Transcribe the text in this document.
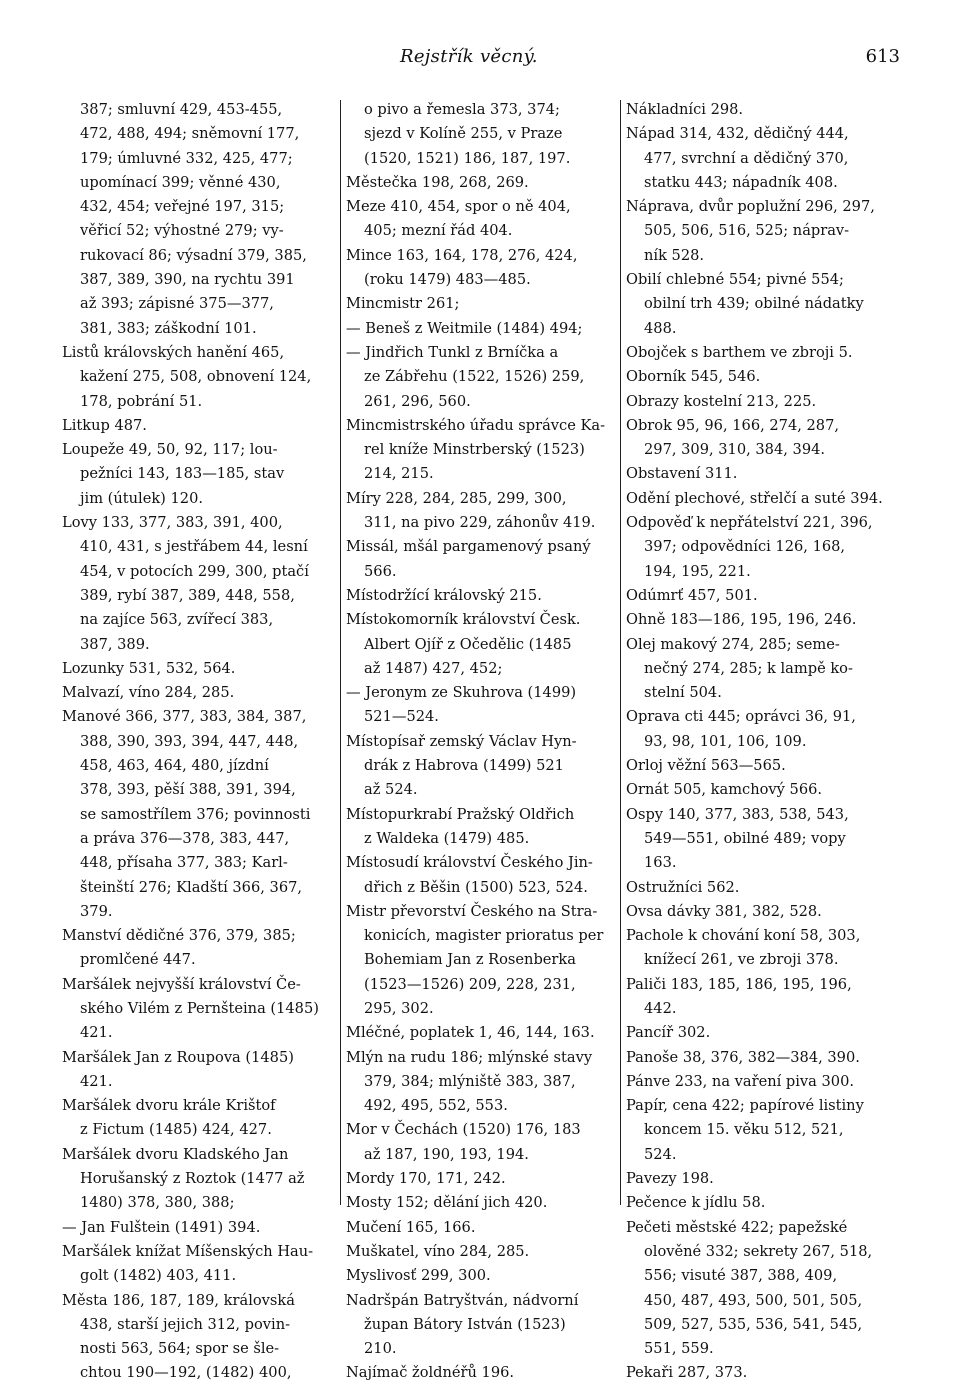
Rejstřík věcný.	613
387; smluvní 429, 453-455,
472, 488, 494; sněmovní 177,
179; úmluvné 332, 425, 477;
upomínací 399; věnné 430,
432, 454; veřejné 197, 315;
věřicí 52; výhostné 279; vy-
rukovací 86; výsadní 379, 385,
387, 389, 390, na rychtu 391
až 393; zápisné 375—377,
381, 383; záškodní 101.
Listů královských hanění 465,
kažení 275, 508, obnovení 124,
178, pobrání 51.
Litkup 487.
Loupeže 49, 50, 92, 117; lou-
pežníci 143, 183—185, stav
jim (útulek) 120.
Lovy 133, 377, 383, 391, 400,
410, 431, s jestřábem 44, lesní
454, v potocích 299, 300, ptačí
389, rybí 387, 389, 448, 558,
na zajíce 563, zvířecí 383,
387, 389.
Lozunky 531, 532, 564.
Malvazí, víno 284, 285.
Manové 366, 377, 383, 384, 387,
388, 390, 393, 394, 447, 448,
458, 463, 464, 480, jízdní
378, 393, pěší 388, 391, 394,
se samostřílem 376; povinnosti
a práva 376—378, 383, 447,
448, přísaha 377, 383; Karl-
šteinští 276; Kladští 366, 367,
379.
Manství dědičné 376, 379, 385;
promlčené 447.
Maršálek nejvyšší království Če-
ského Vilém z Pernšteina (1485)
421.
Maršálek Jan z Roupova (1485)
421.
Maršálek dvoru krále Krištof
z Fictum (1485) 424, 427.
Maršálek dvoru Kladského Jan
Horušanský z Roztok (1477 až
1480) 378, 380, 388;
— Jan Fulštein (1491) 394.
Maršálek knížat Míšenských Hau-
golt (1482) 403, 411.
Města 186, 187, 189, královská
438, starší jejich 312, povin-
nosti 563, 564; spor se šle-
chtou 190—192, (1482) 400,
o pivo a řemesla 373, 374;
sjezd v Kolíně 255, v Praze
(1520, 1521) 186, 187, 197.
Městečka 198, 268, 269.
Meze 410, 454, spor o ně 404,
405; mezní řád 404.
Mince 163, 164, 178, 276, 424,
(roku 1479) 483—485.
Mincmistr 261;
— Beneš z Weitmile (1484) 494;
— Jindřich Tunkl z Brníčka a
ze Zábřehu (1522, 1526) 259,
261, 296, 560.
Mincmistrského úřadu správce Ka-
rel kníže Minstrberský (1523)
214, 215.
Míry 228, 284, 285, 299, 300,
311, na pivo 229, záhonův 419.
Missál, mšál pargamenový psaný
566.
Místodržící královský 215.
Místokomorník království Česk.
Albert Ojíř z Očedělic (1485
až 1487) 427, 452;
— Jeronym ze Skuhrova (1499)
521—524.
Místopísař zemský Václav Hyn-
drák z Habrova (1499) 521
až 524.
Místopurkrabí Pražský Oldřich
z Waldeka (1479) 485.
Místosudí království Českého Jin-
dřich z Běšin (1500) 523, 524.
Mistr převorství Českého na Stra-
konicích, magister prioratus per
Bohemiam Jan z Rosenberka
(1523—1526) 209, 228, 231,
295, 302.
Mléčné, poplatek 1, 46, 144, 163.
Mlýn na rudu 186; mlýnské stavy
379, 384; mlýniště 383, 387,
492, 495, 552, 553.
Mor v Čechách (1520) 176, 183
až 187, 190, 193, 194.
Mordy 170, 171, 242.
Mosty 152; dělání jich 420.
Mučení 165, 166.
Muškatel, víno 284, 285.
Myslivosť 299, 300.
Nadršpán Batryštván, nádvorní
župan Bátory István (1523)
210.
Najímač žoldnéřů 196.
Nákladníci 298.
Nápad 314, 432, dědičný 444,
477, svrchní a dědičný 370,
statku 443; nápadník 408.
Náprava, dvůr poplužní 296, 297,
505, 506, 516, 525; náprav-
ník 528.
Obilí chlebné 554; pivné 554;
obilní trh 439; obilné nádatky
488.
Obojček s barthem ve zbroji 5.
Oborník 545, 546.
Obrazy kostelní 213, 225.
Obrok 95, 96, 166, 274, 287,
297, 309, 310, 384, 394.
Obstavení 311.
Odění plechové, střelčí a suté 394.
Odpověď k nepřátelství 221, 396,
397; odpovědníci 126, 168,
194, 195, 221.
Odúmrť 457, 501.
Ohně 183—186, 195, 196, 246.
Olej makový 274, 285; seme-
nečný 274, 285; k lampě ko-
stelní 504.
Oprava cti 445; oprávci 36, 91,
93, 98, 101, 106, 109.
Orloj věžní 563—565.
Ornát 505, kamchový 566.
Ospy 140, 377, 383, 538, 543,
549—551, obilné 489; vopy
163.
Ostružníci 562.
Ovsa dávky 381, 382, 528.
Pachole k chování koní 58, 303,
knížecí 261, ve zbroji 378.
Paliči 183, 185, 186, 195, 196,
442.
Pancíř 302.
Panoše 38, 376, 382—384, 390.
Pánve 233, na vaření piva 300.
Papír, cena 422; papírové listiny
koncem 15. věku 512, 521,
524.
Pavezy 198.
Pečence k jídlu 58.
Pečeti městské 422; papežské
olověné 332; sekrety 267, 518,
556; visuté 387, 388, 409,
450, 487, 493, 500, 501, 505,
509, 527, 535, 536, 541, 545,
551, 559.
Pekaři 287, 373.
